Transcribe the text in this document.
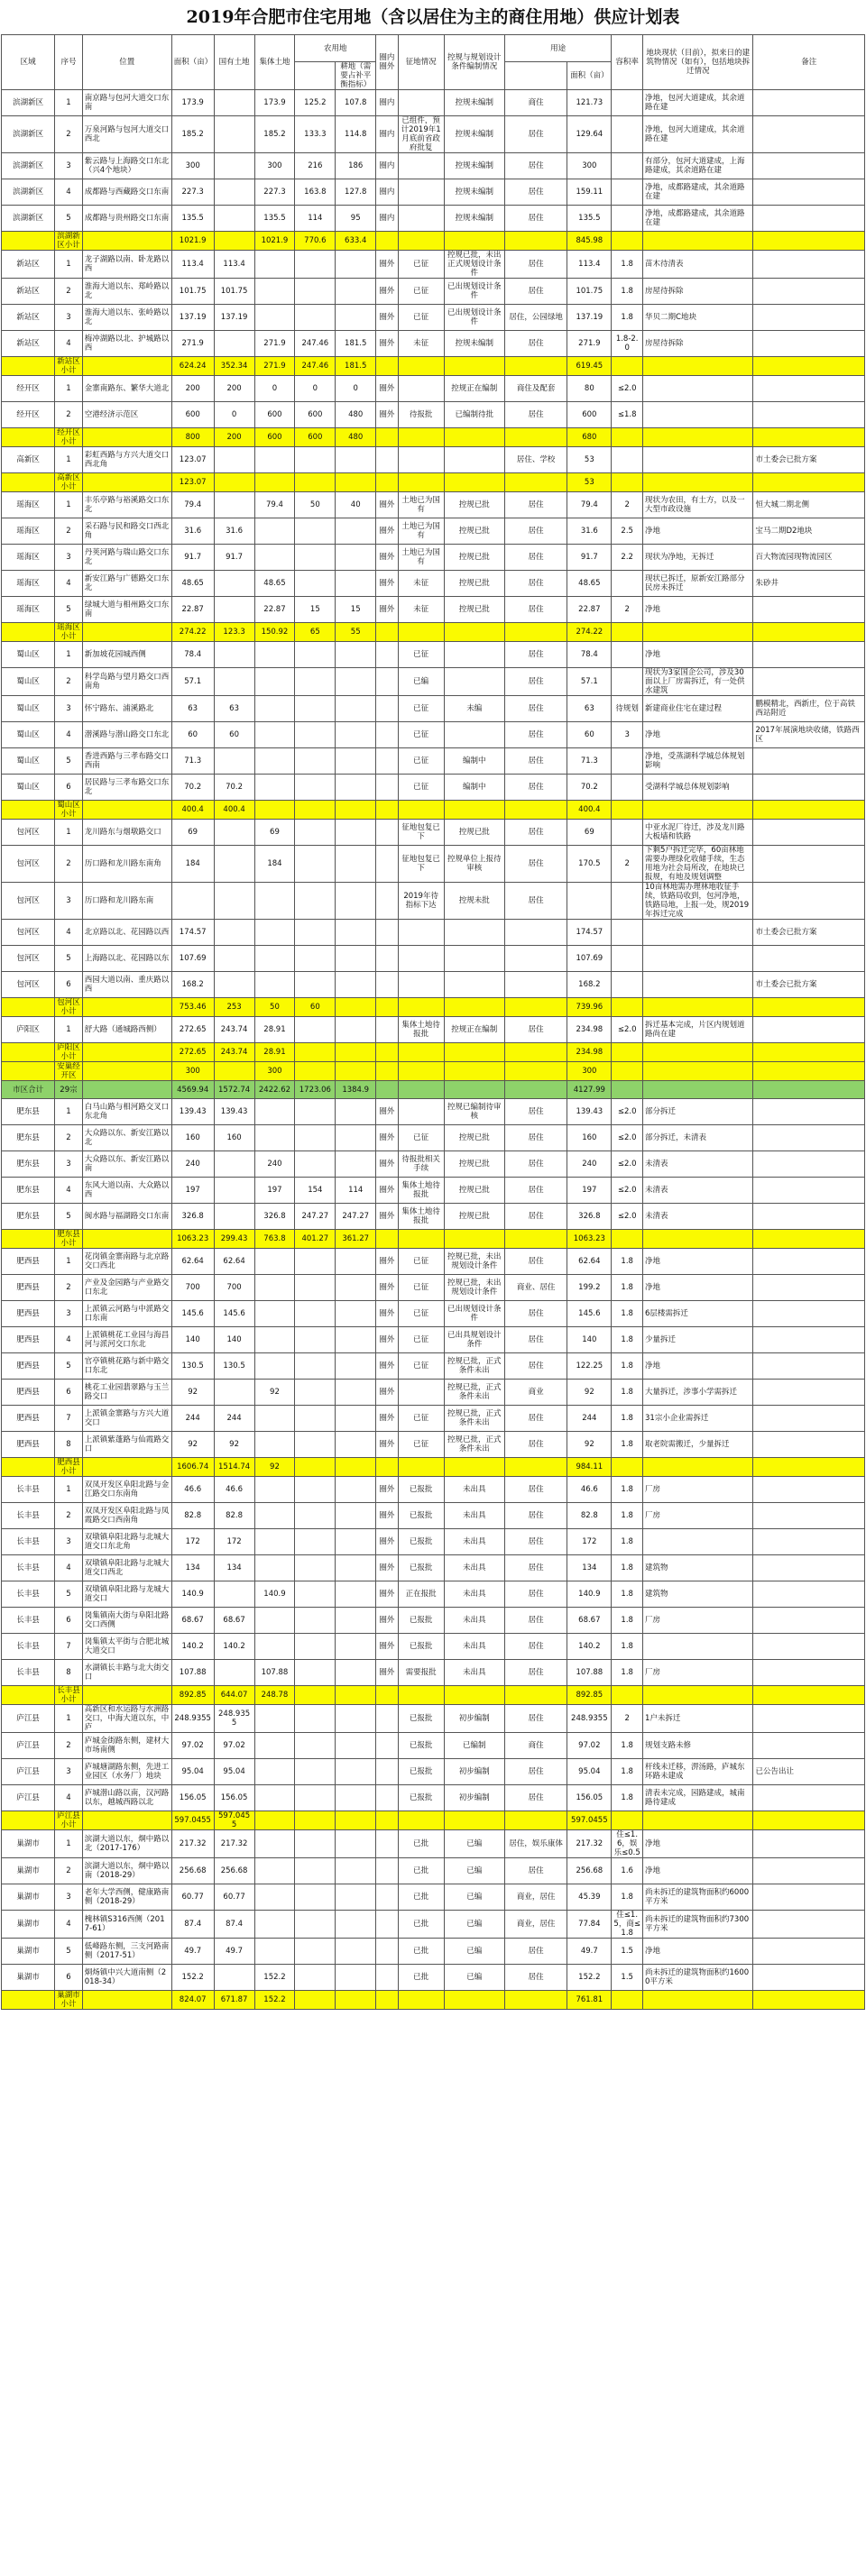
2019年合肥市住宅用地（含以居住为主的商住用地）供应计划表
区域	序号	位置	面积（亩）	国有土地	集体土地	农用地		圈内圈外	征地情况	控规与规划设计条件编制情况	用途		容积率	地块现状（目前），拟来日的建筑物情况（如有），包括地块拆迁情况	备注
							耕地（需要占补平衡指标）					面积（亩）			
滨湖新区	1	南京路与包河大道交口东南	173.9		173.9	125.2	107.8	圈内		控规未编制	商住	121.73		净地，包河大道建成，其余道路在建	
滨湖新区	2	万泉河路与包河大道交口西北	185.2		185.2	133.3	114.8	圈内	已组件，预计2019年1月底前省政府批复	控规未编制	居住	129.64		净地，包河大道建成，其余道路在建	
滨湖新区	3	紫云路与上海路交口东北（兴4个地块）	300		300	216	186	圈内		控规未编制	居住	300		有部分，包河大道建成，上海路建成，其余道路在建	
滨湖新区	4	成都路与西藏路交口东南	227.3		227.3	163.8	127.8	圈内		控规未编制	居住	159.11		净地，成都路建成，其余道路在建	
滨湖新区	5	成都路与贵州路交口东南	135.5		135.5	114	95	圈内		控规未编制	居住	135.5		净地，成都路建成，其余道路在建	
	滨湖新区小计		1021.9		1021.9	770.6	633.4					845.98			
新站区	1	龙子湖路以南、卧龙路以西	113.4	113.4				圈外	已征	控规已批，未出正式规划设计条件	居住	113.4	1.8	苗木待清表	
新站区	2	淮海大道以东、郑岭路以北	101.75	101.75				圈外	已征	已出规划设计条件	居住	101.75	1.8	房屋待拆除	
新站区	3	淮海大道以东、张岭路以北	137.19	137.19				圈外	已征	已出规划设计条件	居住，公园绿地	137.19	1.8	华贝二期C地块	
新站区	4	梅冲湖路以北、护城路以西	271.9		271.9	247.46	181.5	圈外	未征	控规未编制	居住	271.9	1.8-2.0	房屋待拆除	
	新站区小计		624.24	352.34	271.9	247.46	181.5					619.45			
经开区	1	金寨南路东、繁华大道北	200	200	0	0	0	圈外		控规正在编制	商住及配套	80	≤2.0		
经开区	2	空港经济示范区	600	0	600	600	480	圈外	待报批	已编制待批	居住	600	≤1.8		
	经开区小计		800	200	600	600	480					680			
高新区	1	彩虹西路与方兴大道交口西北角	123.07								居住、学校	53			市土委会已批方案
	高新区小计		123.07									53			
瑶海区	1	丰乐亭路与裕溪路交口东北	79.4		79.4	50	40	圈外	土地已为国有	控规已批	居住	79.4	2	现状为农田，有土方，以及一大型市政设施	恒大城二期北侧
瑶海区	2	采石路与民和路交口西北角	31.6	31.6				圈外	土地已为国有	控规已批	居住	31.6	2.5	净地	宝马二期D2地块
瑶海区	3	丹荚河路与瑞山路交口东北	91.7	91.7				圈外	土地已为国有	控规已批	居住	91.7	2.2	现状为净地，无拆迁	百大物流园现物流园区
瑶海区	4	新安江路与广德路交口东北	48.65		48.65			圈外	未征	控规已批	居住	48.65		现状已拆迁，原新安江路部分民房未拆迁	朱砂井
瑶海区	5	绿城大道与相州路交口东南	22.87		22.87	15	15	圈外	未征	控规已批	居住	22.87	2	净地	
	瑶海区小计		274.22	123.3	150.92	65	55					274.22			
蜀山区	1	新加坡花园城西侧	78.4						已征		居住	78.4		净地	
蜀山区	2	科学岛路与望月路交口西南角	57.1						已编		居住	57.1		现状为3家国企公司，涉及30面以上厂房需拆迁，有一处供水建筑	
蜀山区	3	怀宁路东、浦溪路北	63	63					已征	未编	居住	63	待规划	新建商业住宅在建过程	鹏模精北，西新庄，位于高铁西站附近
蜀山区	4	潜溪路与潜山路交口东北	60	60					已征		居住	60	3	净地	2017年展演地块收储，铁路西区
蜀山区	5	香进西路与三孝布路交口西南	71.3						已征	编制中	居住	71.3		净地，受蒸湖科学城总体规划影响	
蜀山区	6	居民路与三孝布路交口东北	70.2	70.2					已征	编制中	居住	70.2		受湖科学城总体规划影响	
	蜀山区小计		400.4	400.4								400.4			
包河区	1	龙川路东与烟墩路交口	69		69				征地包复已下	控规已批	居住	69		中亚水泥厂待迁，涉及龙川路大板墙和铁路	
包河区	2	历口路和龙川路东南角	184		184				征地包复已下	控规单位上报待审核	居住	170.5	2	下剩5户拆迁完毕，60亩林地需要办理绿化收储手续，生态用地为社会局所改，在地块已报规，有地及规划调整	
包河区	3	历口路和龙川路东南							2019年待指标下达	控规未批	居住			10亩林地需办理林地收征手续，铁路局收到，包河净地，铁路局地，上报一处，规2019年拆迁完成	
包河区	4	北京路以北、花园路以西	174.57									174.57			市土委会已批方案
包河区	5	上海路以北、花园路以东	107.69									107.69			
包河区	6	西园大道以南、重庆路以西	168.2									168.2			市土委会已批方案
	包河区小计		753.46	253	50	60						739.96			
庐阳区	1	舒大路（通城路西侧）	272.65	243.74	28.91				集体土地待报批	控规正在编制	居住	234.98	≤2.0	拆迁基本完成，片区内规划道路尚在建	
	庐阳区小计		272.65	243.74	28.91							234.98			
	安巢经开区		300		300							300			
市区合计	29宗		4569.94	1572.74	2422.62	1723.06	1384.9					4127.99			
肥东县	1	白马山路与相河路交叉口东北角	139.43	139.43				圈外		控规已编制待审核	居住	139.43	≤2.0	部分拆迁	
肥东县	2	大众路以东、新安江路以北	160	160				圈外	已征	控规已批	居住	160	≤2.0	部分拆迁，未清表	
肥东县	3	大众路以东、新安江路以南	240		240			圈外	待报批相关手续	控规已批	居住	240	≤2.0	未清表	
肥东县	4	东风大道以南、大众路以西	197		197	154	114	圈外	集体土地待报批	控规已批	居住	197	≤2.0	未清表	
肥东县	5	闽水路与福湖路交口东南	326.8		326.8	247.27	247.27	圈外	集体土地待报批	控规已批	居住	326.8	≤2.0	未清表	
	肥东县小计		1063.23	299.43	763.8	401.27	361.27					1063.23			
肥西县	1	花岗镇金寨南路与北京路交口西北	62.64	62.64				圈外	已征	控规已批，未出规划设计条件	居住	62.64	1.8	净地	
肥西县	2	产业及金园路与产业路交口东北	700	700				圈外	已征	控规已批，未出规划设计条件	商业、居住	199.2	1.8	净地	
肥西县	3	上派镇云河路与中派路交口东南	145.6	145.6				圈外	已征	已出规划设计条件	居住	145.6	1.8	6层楼需拆迁	
肥西县	4	上派镇桃花工业园与海昌河与派河交口东北	140	140				圈外	已征	已出具规划设计条件	居住	140	1.8	少量拆迁	
肥西县	5	官亭镇桃花路与新中路交口东北	130.5	130.5				圈外	已征	控规已批，正式条件未出	居住	122.25	1.8	净地	
肥西县	6	桃花工业园翡翠路与玉兰路交口	92		92			圈外		控规已批，正式条件未出	商业	92	1.8	大量拆迁，涉事小学需拆迁	
肥西县	7	上派镇金寨路与方兴大道交口	244	244				圈外	已征	控规已批，正式条件未出	居住	244	1.8	31宗小企业需拆迁	
肥西县	8	上派镇紫蓬路与仙霞路交口	92	92				圈外	已征	控规已批，正式条件未出	居住	92	1.8	取老院需搬迁，少量拆迁	
	肥西县小计		1606.74	1514.74	92							984.11			
长丰县	1	双凤开发区阜阳北路与金江路交口东南角	46.6	46.6				圈外	已报批	未出具	居住	46.6	1.8	厂房	
长丰县	2	双凤开发区阜阳北路与凤霞路交口西南角	82.8	82.8				圈外	已报批	未出具	居住	82.8	1.8	厂房	
长丰县	3	双墩镇阜阳北路与北城大道交口东北角	172	172				圈外	已报批	未出具	居住	172	1.8		
长丰县	4	双墩镇阜阳北路与北城大道交口西北	134	134				圈外	已报批	未出具	居住	134	1.8	建筑物	
长丰县	5	双墩镇阜阳北路与龙城大道交口	140.9		140.9			圈外	正在报批	未出具	居住	140.9	1.8	建筑物	
长丰县	6	岗集镇南大街与阜阳北路交口西侧	68.67	68.67				圈外	已报批	未出具	居住	68.67	1.8	厂房	
长丰县	7	岗集镇太平街与合肥北城大道交口	140.2	140.2				圈外	已报批	未出具	居住	140.2	1.8		
长丰县	8	水湖镇长丰路与北大街交口	107.88		107.88			圈外	需要报批	未出具	居住	107.88	1.8	厂房	
	长丰县小计		892.85	644.07	248.78							892.85			
庐江县	1	高新区和水运路与水洲路交口，中海大道以东，中庐	248.9355	248.9355					已报批	初步编制	居住	248.9355	2	1户未拆迁	
庐江县	2	庐城金街路东侧，建材大市场南侧	97.02	97.02					已报批	已编制	商住	97.02	1.8	规划支路未修	
庐江县	3	庐城塘湖路东侧，先进工业园区（水务厂）地块	95.04	95.04					已报批	初步编制	居住	95.04	1.8	杆线未迁移，淠汤路，庐城东环路未建成	已公告出让
庐江县	4	庐城潜山路以南，汉河路以东，越城西路以北	156.05	156.05					已报批	初步编制	居住	156.05	1.8	清表未完成，园路建成，城南路待建成	
	庐江县小计		597.0455	597.0455								597.0455			
巢湖市	1	滨湖大道以东，烔中路以北（2017-176）	217.32	217.32					已批	已编	居住，娱乐康体	217.32	住≤1.6，娱乐≤0.5	净地	
巢湖市	2	滨湖大道以东，烔中路以南（2018-29）	256.68	256.68					已批	已编	居住	256.68	1.6	净地	
巢湖市	3	老年大学西侧，健康路南侧（2018-29）	60.77	60.77					已批	已编	商业，居住	45.39	1.8	尚未拆迁的建筑物面积约6000平方米	
巢湖市	4	槐林镇S316西侧（2017-61）	87.4	87.4					已批	已编	商业，居住	77.84	住≤1.5，商≤1.8	尚未拆迁的建筑物面积约7300平方米	
巢湖市	5	低峰路东侧，三支河路南侧（2017-51）	49.7	49.7					已批	已编	居住	49.7	1.5	净地	
巢湖市	6	烔炀镇中兴大道南侧（2018-34）	152.2		152.2				已批	已编	居住	152.2	1.5	尚未拆迁的建筑物面积约16000平方米	
	巢湖市小计		824.07	671.87	152.2							761.81			
